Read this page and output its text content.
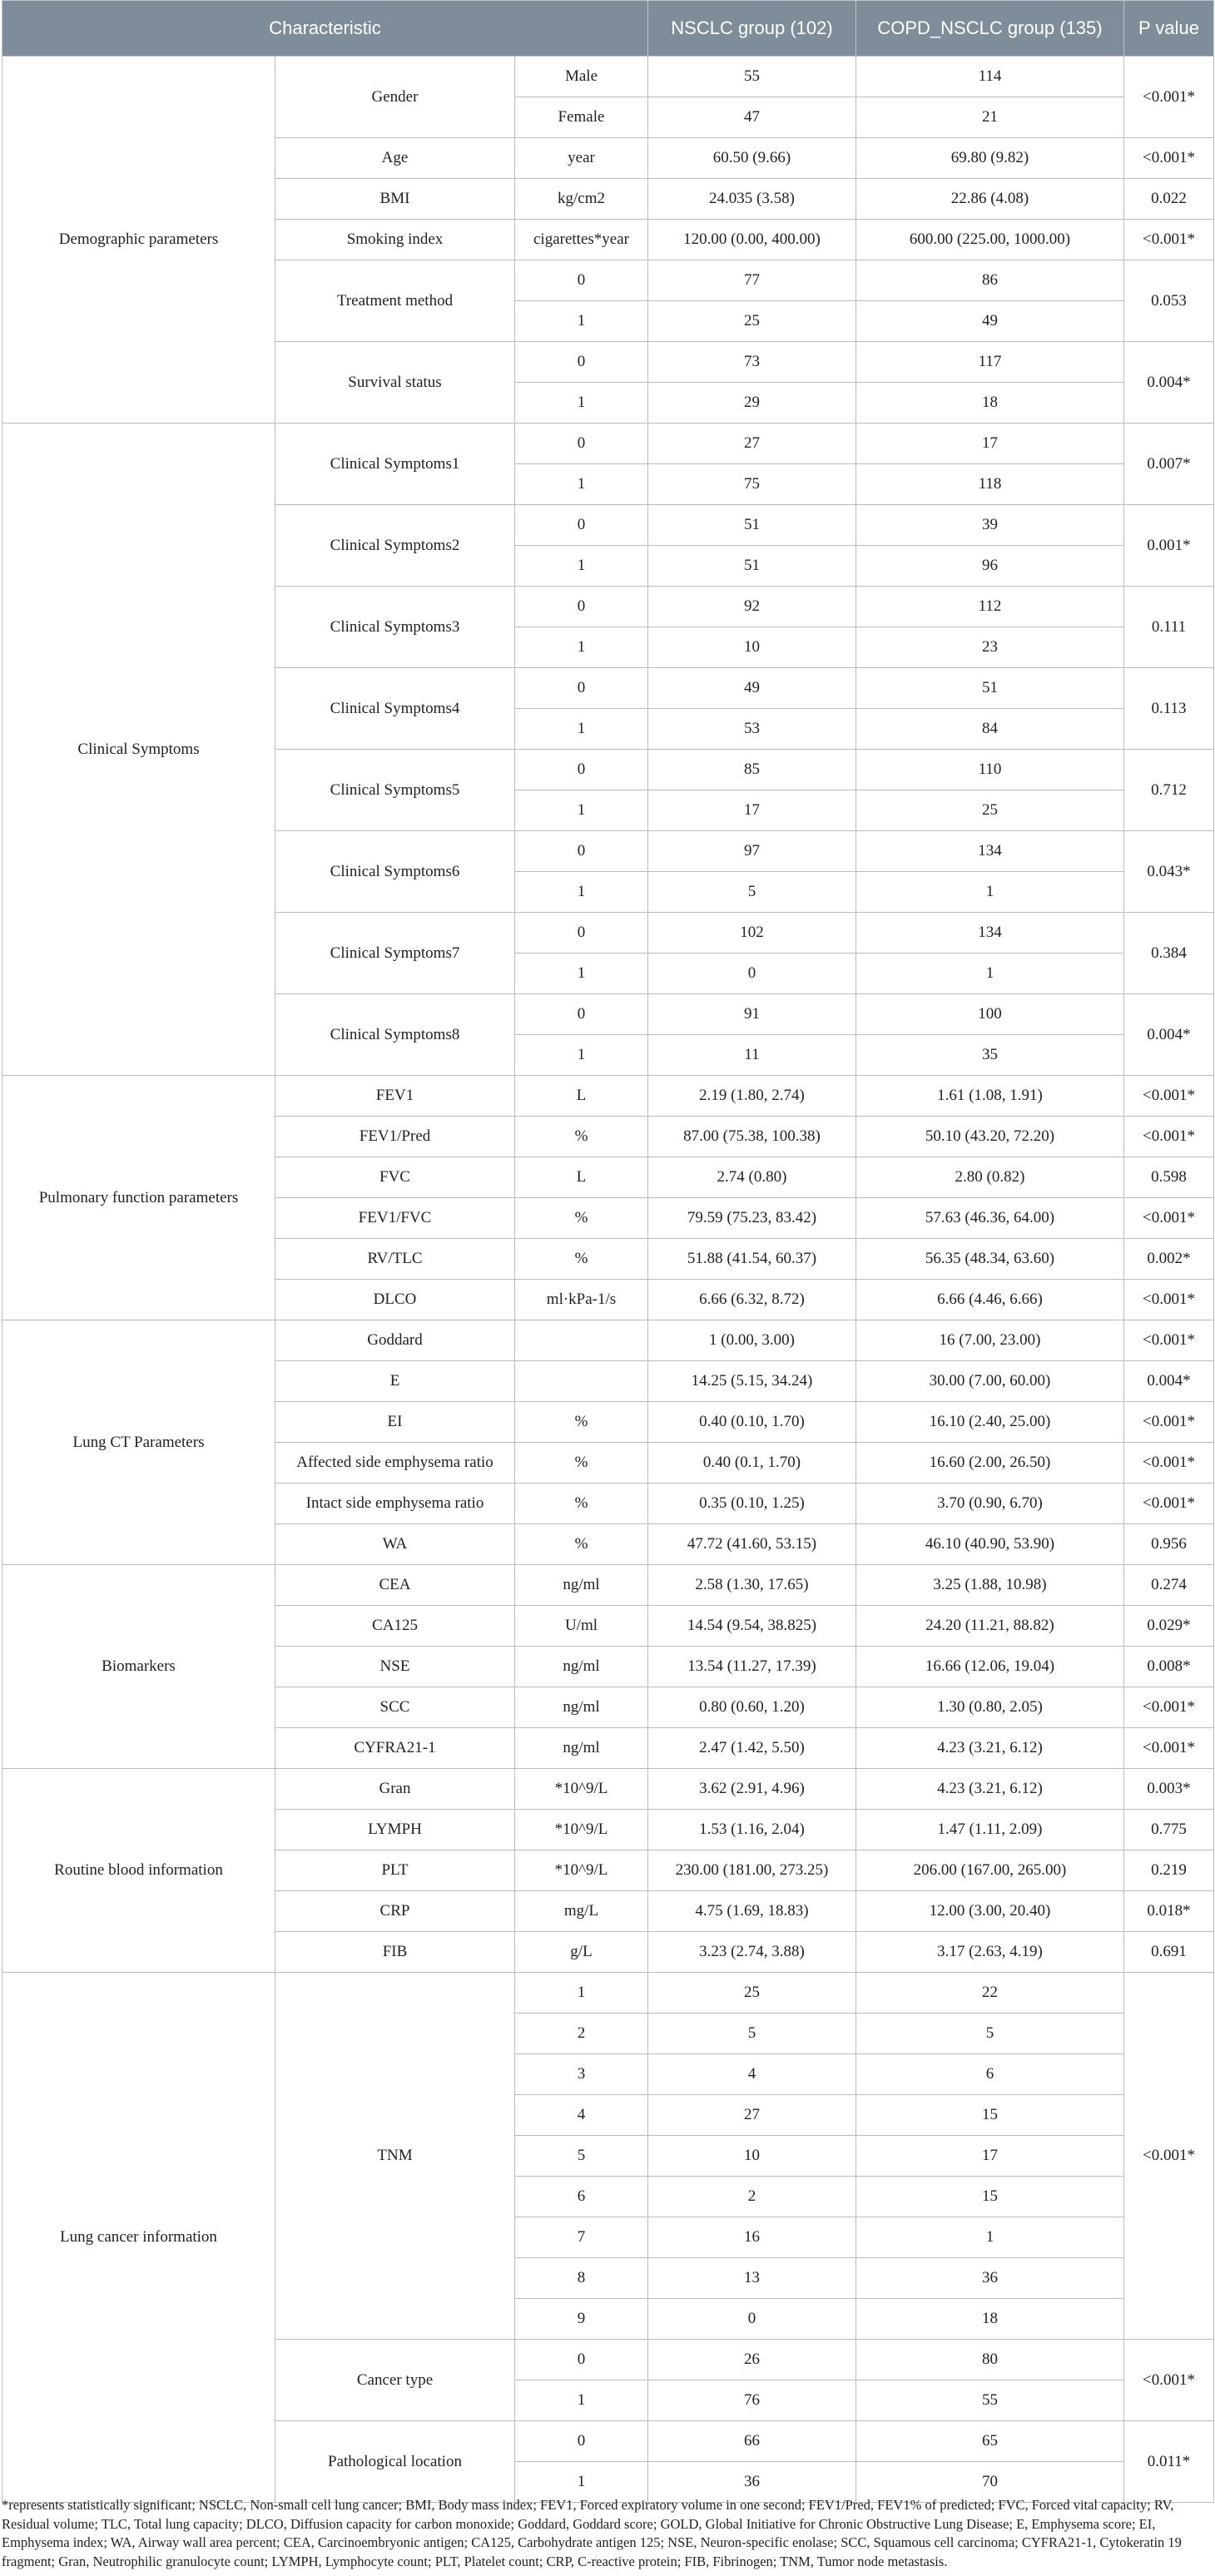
Characteristic			NSCLC group (102)	COPD_NSCLC group (135)	P value
Demographic parameters	Gender	Male	55	114	<0.001*
		Female	47	21	
	Age	year	60.50 (9.66)	69.80 (9.82)	<0.001*
	BMI	kg/cm2	24.035 (3.58)	22.86 (4.08)	0.022
	Smoking index	cigarettes*year	120.00 (0.00, 400.00)	600.00 (225.00, 1000.00)	<0.001*
	Treatment method	0	77	86	0.053
		1	25	49	
	Survival status	0	73	117	0.004*
		1	29	18	
Clinical Symptoms	Clinical Symptoms1	0	27	17	0.007*
		1	75	118	
	Clinical Symptoms2	0	51	39	0.001*
		1	51	96	
	Clinical Symptoms3	0	92	112	0.111
		1	10	23	
	Clinical Symptoms4	0	49	51	0.113
		1	53	84	
	Clinical Symptoms5	0	85	110	0.712
		1	17	25	
	Clinical Symptoms6	0	97	134	0.043*
		1	5	1	
	Clinical Symptoms7	0	102	134	0.384
		1	0	1	
	Clinical Symptoms8	0	91	100	0.004*
		1	11	35	
Pulmonary function parameters	FEV1	L	2.19 (1.80, 2.74)	1.61 (1.08, 1.91)	<0.001*
	FEV1/Pred	%	87.00 (75.38, 100.38)	50.10 (43.20, 72.20)	<0.001*
	FVC	L	2.74 (0.80)	2.80 (0.82)	0.598
	FEV1/FVC	%	79.59 (75.23, 83.42)	57.63 (46.36, 64.00)	<0.001*
	RV/TLC	%	51.88 (41.54, 60.37)	56.35 (48.34, 63.60)	0.002*
	DLCO	ml·kPa-1/s	6.66 (6.32, 8.72)	6.66 (4.46, 6.66)	<0.001*
Lung CT Parameters	Goddard		1 (0.00, 3.00)	16 (7.00, 23.00)	<0.001*
	E		14.25 (5.15, 34.24)	30.00 (7.00, 60.00)	0.004*
	EI	%	0.40 (0.10, 1.70)	16.10 (2.40, 25.00)	<0.001*
	Affected side emphysema ratio	%	0.40 (0.1, 1.70)	16.60 (2.00, 26.50)	<0.001*
	Intact side emphysema ratio	%	0.35 (0.10, 1.25)	3.70 (0.90, 6.70)	<0.001*
	WA	%	47.72 (41.60, 53.15)	46.10 (40.90, 53.90)	0.956
Biomarkers	CEA	ng/ml	2.58 (1.30, 17.65)	3.25 (1.88, 10.98)	0.274
	CA125	U/ml	14.54 (9.54, 38.825)	24.20 (11.21, 88.82)	0.029*
	NSE	ng/ml	13.54 (11.27, 17.39)	16.66 (12.06, 19.04)	0.008*
	SCC	ng/ml	0.80 (0.60, 1.20)	1.30 (0.80, 2.05)	<0.001*
	CYFRA21-1	ng/ml	2.47 (1.42, 5.50)	4.23 (3.21, 6.12)	<0.001*
Routine blood information	Gran	*10^9/L	3.62 (2.91, 4.96)	4.23 (3.21, 6.12)	0.003*
	LYMPH	*10^9/L	1.53 (1.16, 2.04)	1.47 (1.11, 2.09)	0.775
	PLT	*10^9/L	230.00 (181.00, 273.25)	206.00 (167.00, 265.00)	0.219
	CRP	mg/L	4.75 (1.69, 18.83)	12.00 (3.00, 20.40)	0.018*
	FIB	g/L	3.23 (2.74, 3.88)	3.17 (2.63, 4.19)	0.691
Lung cancer information	TNM	1	25	22	<0.001*
		2	5	5	
		3	4	6	
		4	27	15	
		5	10	17	
		6	2	15	
		7	16	1	
		8	13	36	
		9	0	18	
	Cancer type	0	26	80	<0.001*
		1	76	55	
	Pathological location	0	66	65	0.011*
		1	36	70	
*represents statistically significant; NSCLC, Non-small cell lung cancer; BMI, Body mass index; FEV1, Forced expiratory volume in one second; FEV1/Pred, FEV1% of predicted; FVC, Forced vital capacity; RV, Residual volume; TLC, Total lung capacity; DLCO, Diffusion capacity for carbon monoxide; Goddard, Goddard score; GOLD, Global Initiative for Chronic Obstructive Lung Disease; E, Emphysema score; EI, Emphysema index; WA, Airway wall area percent; CEA, Carcinoembryonic antigen; CA125, Carbohydrate antigen 125; NSE, Neuron-specific enolase; SCC, Squamous cell carcinoma; CYFRA21-1, Cytokeratin 19 fragment; Gran, Neutrophilic granulocyte count; LYMPH, Lymphocyte count; PLT, Platelet count; CRP, C-reactive protein; FIB, Fibrinogen; TNM, Tumor node metastasis.
